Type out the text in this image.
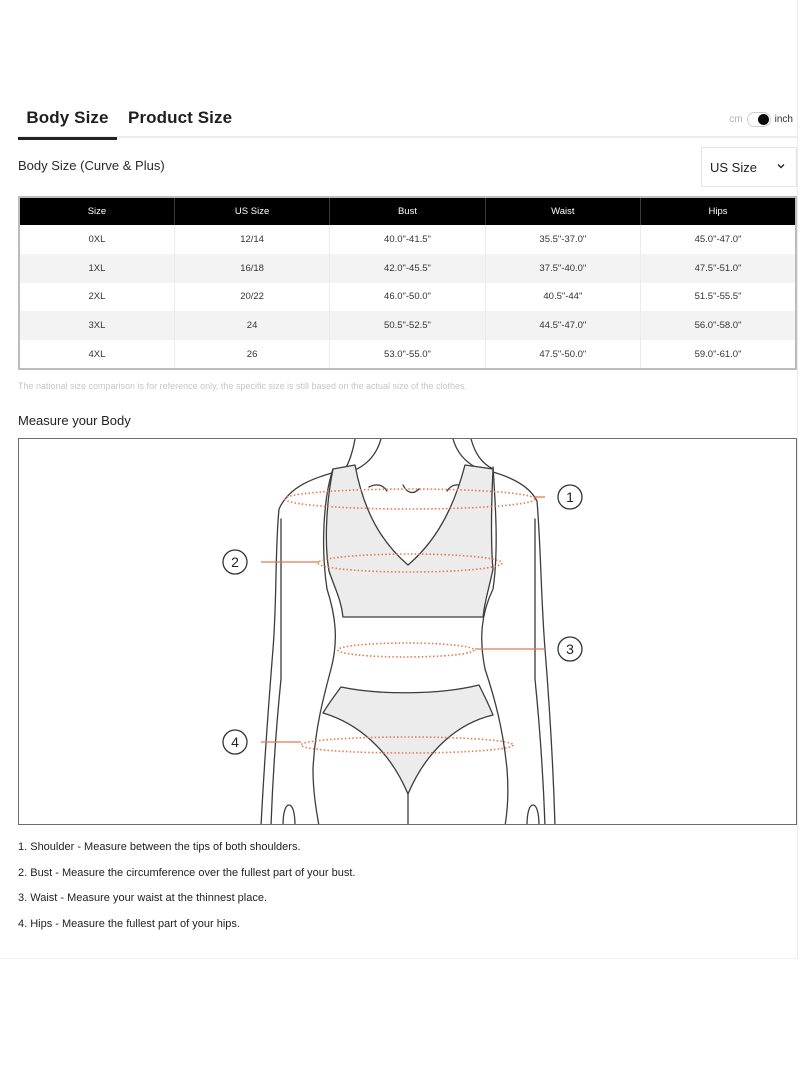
Body Size	Product Size	cm	inch
Body Size (Curve & Plus)	US Size
Size	US Size	Bust	Waist	Hips
0XL	12/14	40.0"-41.5"	35.5"-37.0"	45.0"-47.0"
1XL	16/18	42.0"-45.5"	37.5"-40.0"	47.5"-51.0"
2XL	20/22	46.0"-50.0"	40.5"-44"	51.5"-55.5"
3XL	24	50.5"-52.5"	44.5"-47.0"	56.0"-58.0"
4XL	26	53.0"-55.0"	47.5"-50.0"	59.0"-61.0"
The national size comparison is for reference only, the specific size is still based on the actual size of the clothes.
Measure your Body
1
2
3
4
1. Shoulder - Measure between the tips of both shoulders.
2. Bust - Measure the circumference over the fullest part of your bust.
3. Waist - Measure your waist at the thinnest place.
4. Hips - Measure the fullest part of your hips.
